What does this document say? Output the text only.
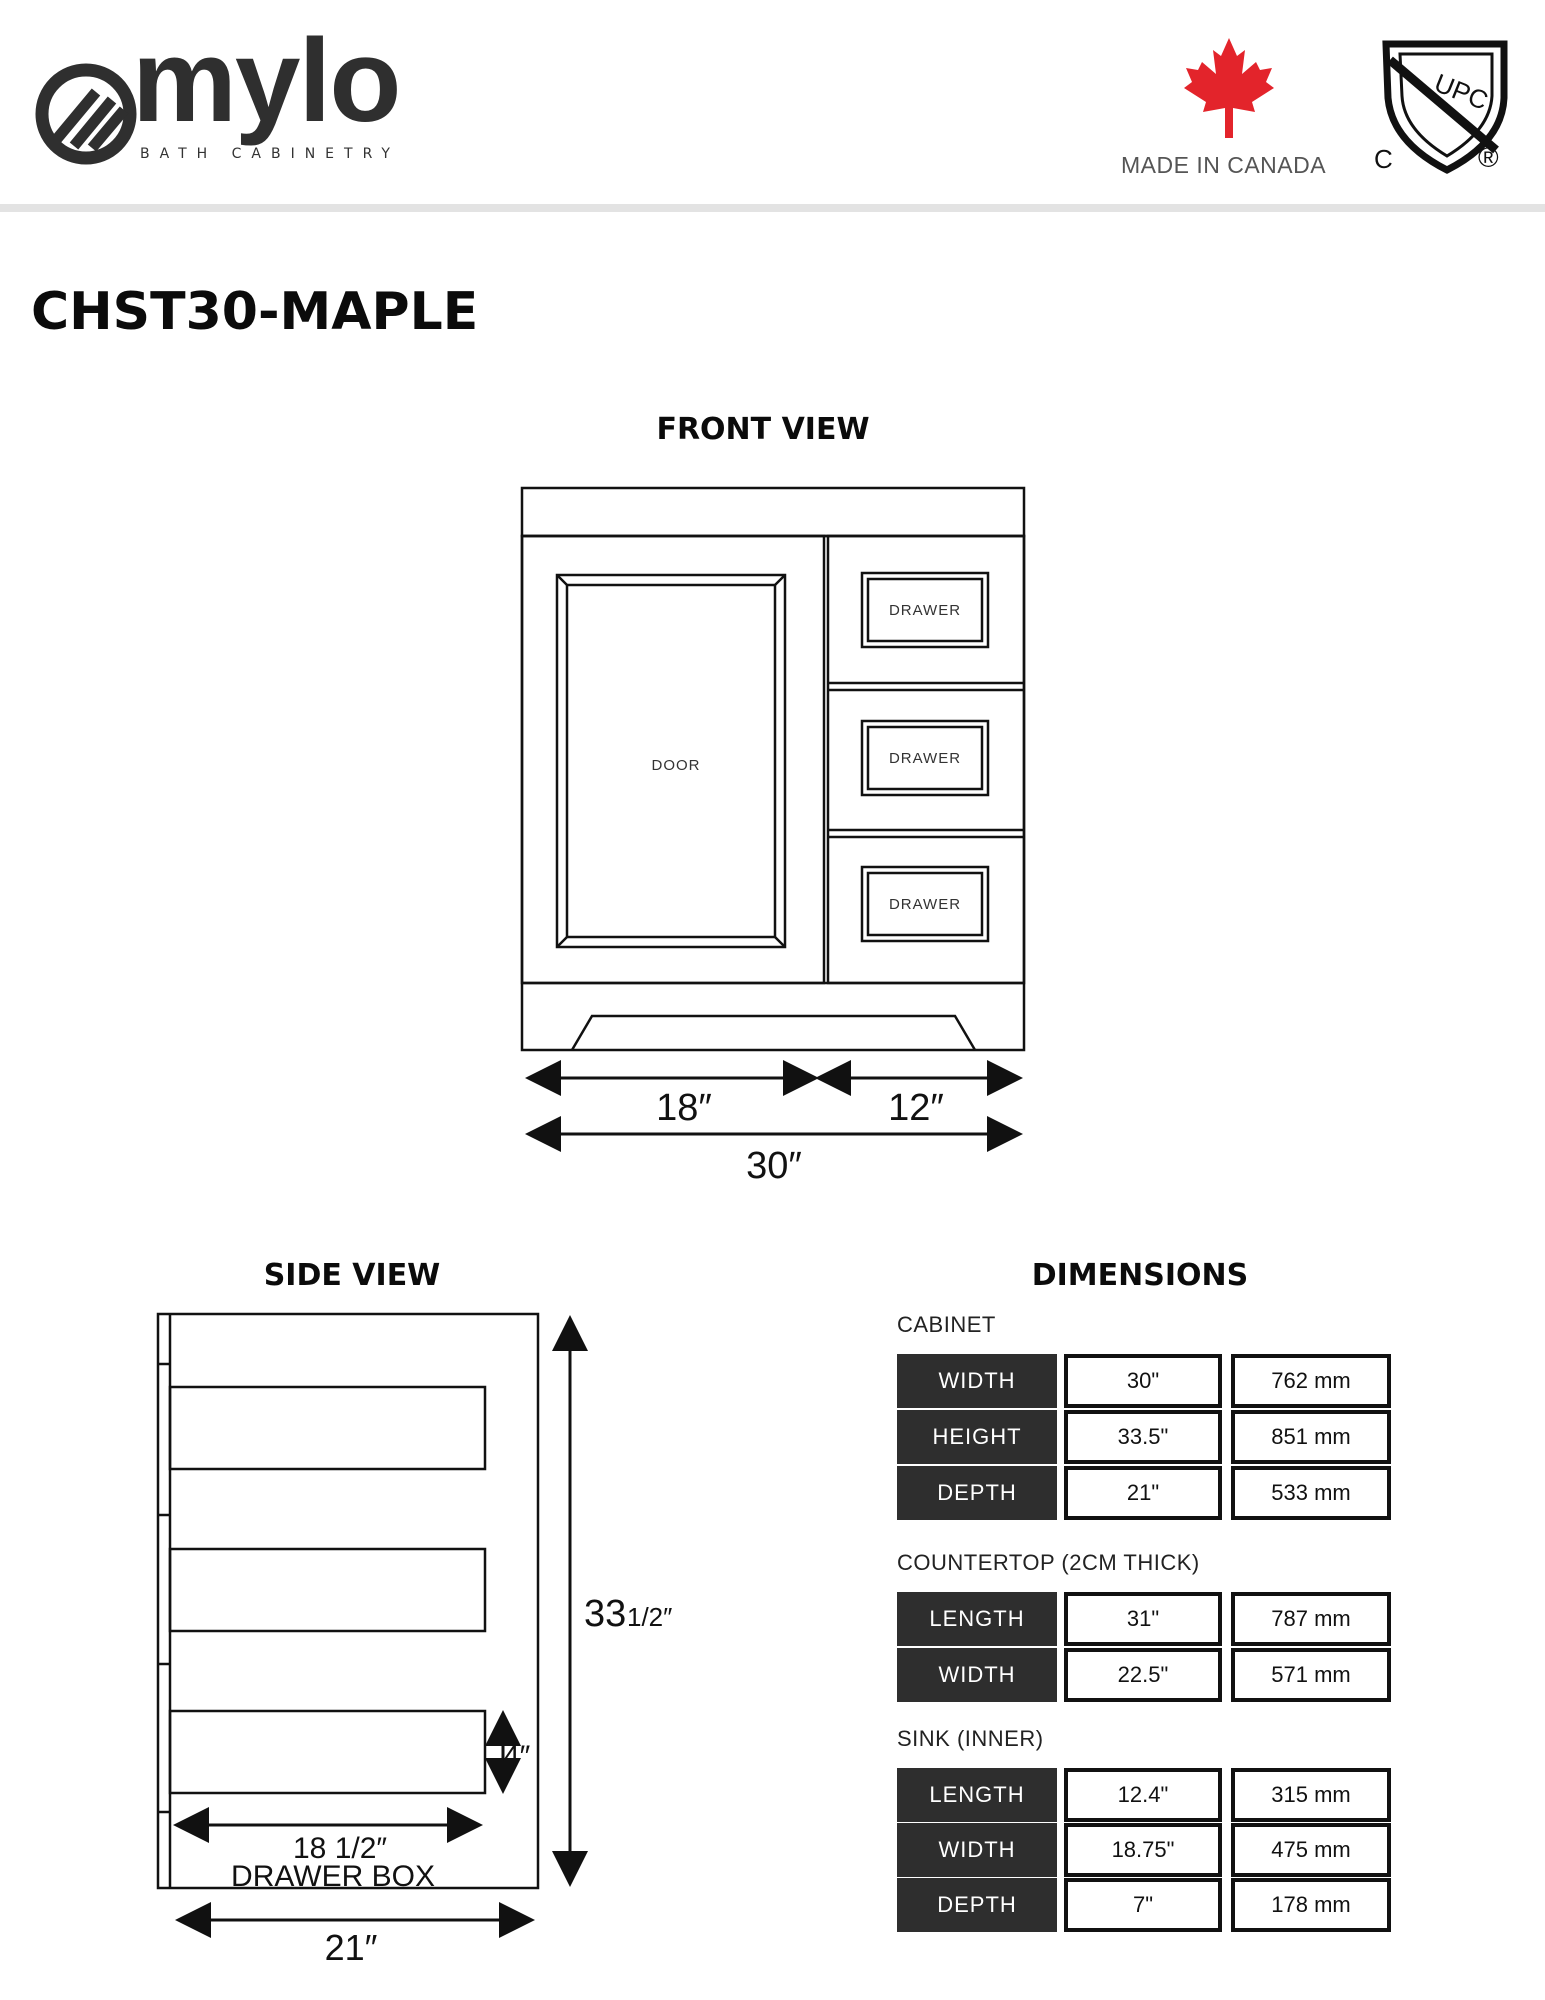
mylo
BATH CABINETRY	MADE IN CANADA
UPC
C	®
CHST30-MAPLE
FRONT VIEW
DOOR
DRAWER
DRAWER
DRAWER
18″	12″
30″
33 1/2″
4″
18 1/2″
DRAWER BOX
21″
SIDE VIEW	DIMENSIONS
CABINET
WIDTH	30"	762 mm
HEIGHT	33.5"	851 mm
DEPTH	21"	533 mm
COUNTERTOP (2CM THICK)
LENGTH	31"	787 mm
WIDTH	22.5"	571 mm
SINK (INNER)
LENGTH	12.4"	315 mm
WIDTH	18.75"	475 mm
DEPTH	7"	178 mm
